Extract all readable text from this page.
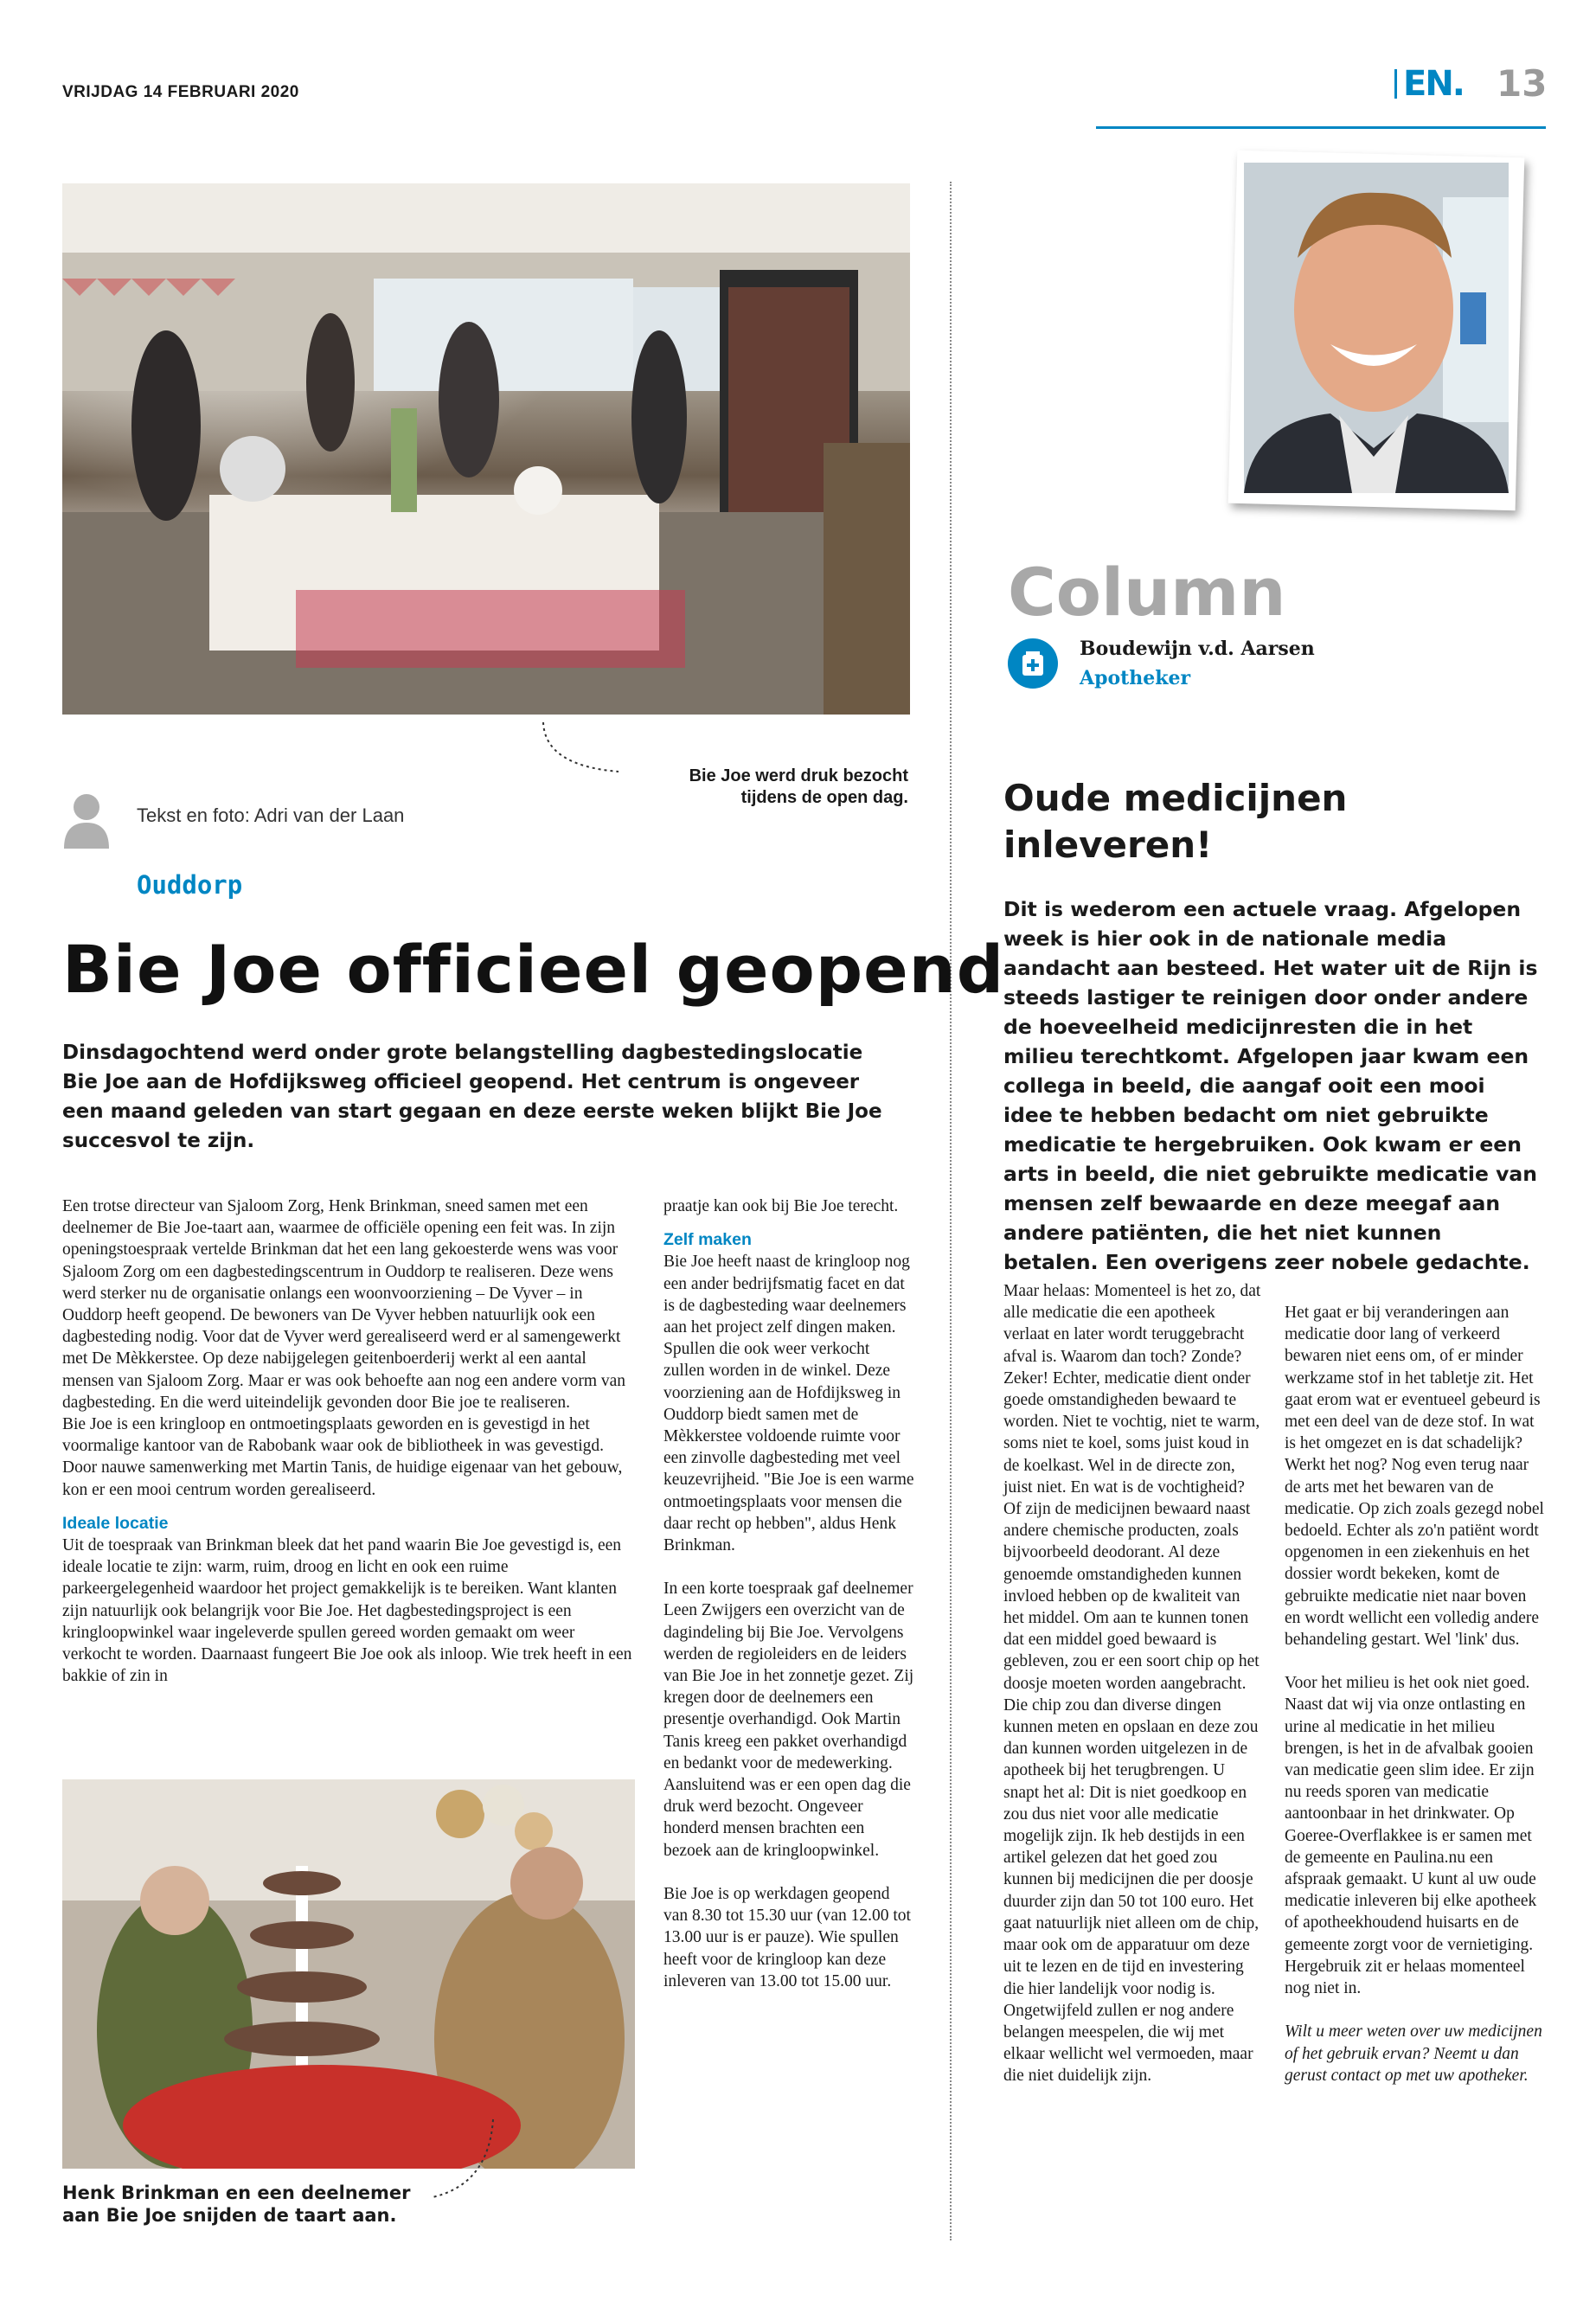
VRIJDAG 14 FEBRUARI 2020	EN. 13
Bie Joe werd druk bezocht tijdens de open dag.
Tekst en foto: Adri van der Laan
Ouddorp
Bie Joe officieel geopend
Dinsdagochtend werd onder grote belangstelling dagbestedingslocatie Bie Joe aan de Hofdijksweg officieel geopend. Het centrum is ongeveer een maand geleden van start gegaan en deze eerste weken blijkt Bie Joe succesvol te zijn.

Een trotse directeur van Sjaloom Zorg, Henk Brinkman, sneed samen met een deelnemer de Bie Joe-taart aan, waarmee de officiële opening een feit was. In zijn openingstoespraak vertelde Brinkman dat het een lang gekoesterde wens was voor Sjaloom Zorg om een dagbestedingscentrum in Ouddorp te realiseren. Deze wens werd sterker nu de organisatie onlangs een woonvoorziening – De Vyver – in Ouddorp heeft geopend. De bewoners van De Vyver hebben natuurlijk ook een dagbesteding nodig. Voor dat de Vyver werd gerealiseerd werd er al samengewerkt met De Mèkkerstee. Op deze nabijgelegen geitenboerderij werkt al een aantal mensen van Sjaloom Zorg. Maar er was ook behoefte aan nog een andere vorm van dagbesteding. En die werd uiteindelijk gevonden door Bie joe te realiseren.

Bie Joe is een kringloop en ontmoetingsplaats geworden en is gevestigd in het voormalige kantoor van de Rabobank waar ook de bibliotheek in was gevestigd. Door nauwe samenwerking met Martin Tanis, de huidige eigenaar van het gebouw, kon er een mooi centrum worden gerealiseerd.

Ideale locatie

Uit de toespraak van Brinkman bleek dat het pand waarin Bie Joe gevestigd is, een ideale locatie te zijn: warm, ruim, droog en licht en ook een ruime parkeergelegenheid waardoor het project gemakkelijk is te bereiken. Want klanten zijn natuurlijk ook belangrijk voor Bie Joe. Het dagbestedingsproject is een kringloopwinkel waar ingeleverde spullen gereed worden gemaakt om weer verkocht te worden. Daarnaast fungeert Bie Joe ook als inloop. Wie trek heeft in een bakkie of zin in

praatje kan ook bij Bie Joe terecht.

Zelf maken

Bie Joe heeft naast de kringloop nog een ander bedrijfsmatig facet en dat is de dagbesteding waar deelnemers aan het project zelf dingen maken. Spullen die ook weer verkocht zullen worden in de winkel. Deze voorziening aan de Hofdijksweg in Ouddorp biedt samen met de Mèkkerstee voldoende ruimte voor een zinvolle dagbesteding met veel keuzevrijheid. "Bie Joe is een warme ontmoetingsplaats voor mensen die daar recht op hebben", aldus Henk Brinkman.

In een korte toespraak gaf deelnemer Leen Zwijgers een overzicht van de dagindeling bij Bie Joe. Vervolgens werden de regioleiders en de leiders van Bie Joe in het zonnetje gezet. Zij kregen door de deelnemers een presentje overhandigd. Ook Martin Tanis kreeg een pakket overhandigd en bedankt voor de medewerking. Aansluitend was er een open dag die druk werd bezocht. Ongeveer honderd mensen brachten een bezoek aan de kringloopwinkel.

Bie Joe is op werkdagen geopend van 8.30 tot 15.30 uur (van 12.00 tot 13.00 uur is er pauze). Wie spullen heeft voor de kringloop kan deze inleveren van 13.00 tot 15.00 uur.

Henk Brinkman en een deelnemer aan Bie Joe snijden de taart aan.
Column
Boudewijn v.d. Aarsen
Apotheker
Oude medicijnen inleveren!
Dit is wederom een actuele vraag. Afgelopen week is hier ook in de nationale media aandacht aan besteed. Het water uit de Rijn is steeds lastiger te reinigen door onder andere de hoeveelheid medicijnresten die in het milieu terechtkomt. Afgelopen jaar kwam een collega in beeld, die aangaf ooit een mooi idee te hebben bedacht om niet gebruikte medicatie te hergebruiken. Ook kwam er een arts in beeld, die niet gebruikte medicatie van mensen zelf bewaarde en deze meegaf aan andere patiënten, die het niet kunnen betalen. Een overigens zeer nobele gedachte.

Maar helaas: Momenteel is het zo, dat alle medicatie die een apotheek verlaat en later wordt teruggebracht afval is. Waarom dan toch? Zonde? Zeker! Echter, medicatie dient onder goede omstandigheden bewaard te worden. Niet te vochtig, niet te warm, soms niet te koel, soms juist koud in de koelkast. Wel in de directe zon, juist niet. En wat is de vochtigheid? Of zijn de medicijnen bewaard naast andere chemische producten, zoals bijvoorbeeld deodorant. Al deze genoemde omstandigheden kunnen invloed hebben op de kwaliteit van het middel. Om aan te kunnen tonen dat een middel goed bewaard is gebleven, zou er een soort chip op het doosje moeten worden aangebracht. Die chip zou dan diverse dingen kunnen meten en opslaan en deze zou dan kunnen worden uitgelezen in de apotheek bij het terugbrengen. U snapt het al: Dit is niet goedkoop en zou dus niet voor alle medicatie mogelijk zijn. Ik heb destijds in een artikel gelezen dat het goed zou kunnen bij medicijnen die per doosje duurder zijn dan 50 tot 100 euro. Het gaat natuurlijk niet alleen om de chip, maar ook om de apparatuur om deze uit te lezen en de tijd en investering die hier landelijk voor nodig is. Ongetwijfeld zullen er nog andere belangen meespelen, die wij met elkaar wellicht wel vermoeden, maar die niet duidelijk zijn.

Het gaat er bij veranderingen aan medicatie door lang of verkeerd bewaren niet eens om, of er minder werkzame stof in het tabletje zit. Het gaat erom wat er eventueel gebeurd is met een deel van de deze stof. In wat is het omgezet en is dat schadelijk? Werkt het nog? Nog even terug naar de arts met het bewaren van de medicatie. Op zich zoals gezegd nobel bedoeld. Echter als zo'n patiënt wordt opgenomen in een ziekenhuis en het dossier wordt bekeken, komt de gebruikte medicatie niet naar boven en wordt wellicht een volledig andere behandeling gestart. Wel 'link' dus.

Voor het milieu is het ook niet goed. Naast dat wij via onze ontlasting en urine al medicatie in het milieu brengen, is het in de afvalbak gooien van medicatie geen slim idee. Er zijn nu reeds sporen van medicatie aantoonbaar in het drinkwater. Op Goeree-Overflakkee is er samen met de gemeente en Paulina.nu een afspraak gemaakt. U kunt al uw oude medicatie inleveren bij elke apotheek of apotheekhoudend huisarts en de gemeente zorgt voor de vernietiging. Hergebruik zit er helaas momenteel nog niet in.

Wilt u meer weten over uw medicijnen of het gebruik ervan? Neemt u dan gerust contact op met uw apotheker.
